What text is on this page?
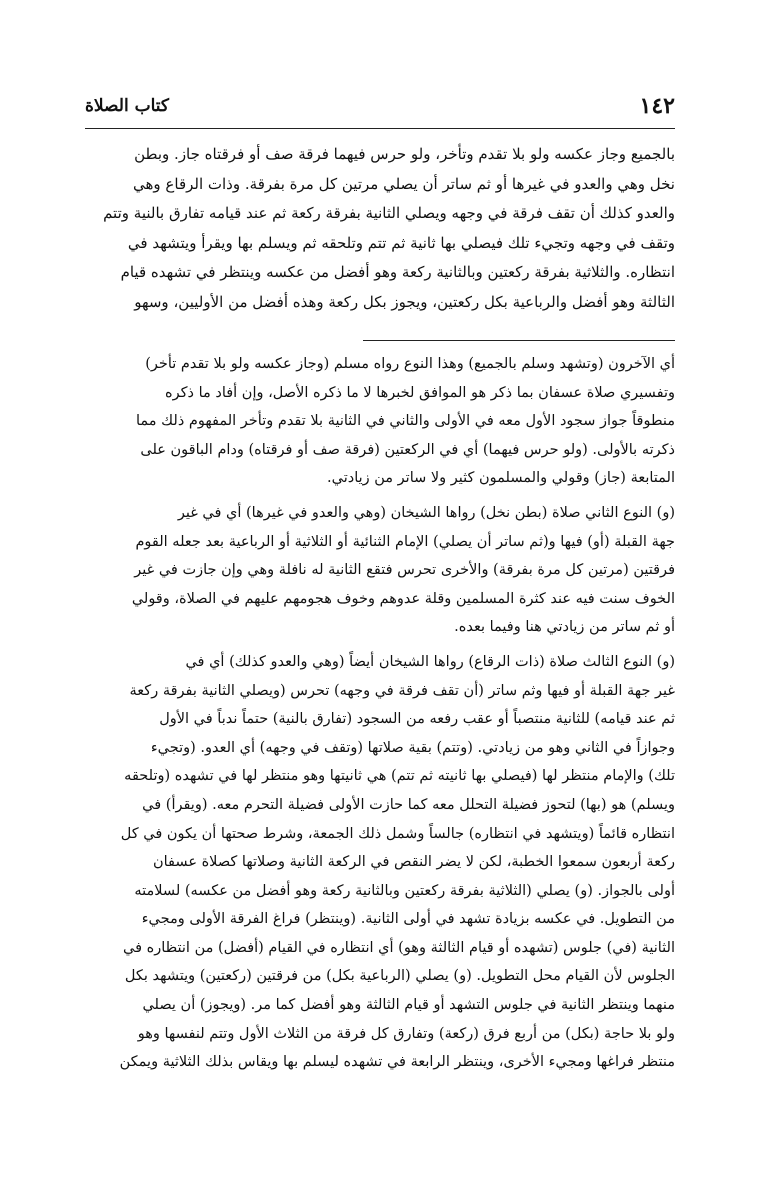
كتاب الصلاة	١٤٢

بالجميع وجاز عكسه ولو بلا تقدم وتأخر، ولو حرس فيهما فرقة صف أو فرقتاه جاز. وبطن

نخل وهي والعدو في غيرها أو ثم ساتر أن يصلي مرتين كل مرة بفرقة. وذات الرقاع وهي

والعدو كذلك أن تقف فرقة في وجهه ويصلي الثانية بفرقة ركعة ثم عند قيامه تفارق بالنية وتتم

وتقف في وجهه وتجيء تلك فيصلي بها ثانية ثم تتم وتلحقه ثم ويسلم بها ويقرأ ويتشهد في

انتظاره. والثلاثية بفرقة ركعتين وبالثانية ركعة وهو أفضل من عكسه وينتظر في تشهده قيام

الثالثة وهو أفضل والرباعية بكل ركعتين، ويجوز بكل ركعة وهذه أفضل من الأوليين، وسهو

أي الآخرون (وتشهد وسلم بالجميع) وهذا النوع رواه مسلم (وجاز عكسه ولو بلا تقدم تأخر)
وتفسيري صلاة عسفان بما ذكر هو الموافق لخبرها لا ما ذكره الأصل، وإن أفاد ما ذكره
منطوقاً جواز سجود الأول معه في الأولى والثاني في الثانية بلا تقدم وتأخر المفهوم ذلك مما
ذكرته بالأولى. (ولو حرس فيهما) أي في الركعتين (فرقة صف أو فرقتاه) ودام الباقون على
المتابعة (جاز) وقولي والمسلمون كثير ولا ساتر من زيادتي.
(و) النوع الثاني صلاة (بطن نخل) رواها الشيخان (وهي والعدو في غيرها) أي في غير
جهة القبلة (أو) فيها و(ثم ساتر أن يصلي) الإمام الثنائية أو الثلاثية أو الرباعية بعد جعله القوم
فرقتين (مرتين كل مرة بفرقة) والأخرى تحرس فتقع الثانية له نافلة وهي وإن جازت في غير
الخوف سنت فيه عند كثرة المسلمين وقلة عدوهم وخوف هجومهم عليهم في الصلاة، وقولي
أو ثم ساتر من زيادتي هنا وفيما بعده.
(و) النوع الثالث صلاة (ذات الرقاع) رواها الشيخان أيضاً (وهي والعدو كذلك) أي في
غير جهة القبلة أو فيها وثم ساتر (أن تقف فرقة في وجهه) تحرس (ويصلي الثانية بفرقة ركعة
ثم عند قيامه) للثانية منتصباً أو عقب رفعه من السجود (تفارق بالنية) حتماً ندباً في الأول
وجوازاً في الثاني وهو من زيادتي. (وتتم) بقية صلاتها (وتقف في وجهه) أي العدو. (وتجيء
تلك) والإمام منتظر لها (فيصلي بها ثانيته ثم تتم) هي ثانيتها وهو منتظر لها في تشهده (وتلحقه
ويسلم) هو (بها) لتحوز فضيلة التحلل معه كما حازت الأولى فضيلة التحرم معه. (ويقرأ) في
انتظاره قائماً (ويتشهد في انتظاره) جالساً وشمل ذلك الجمعة، وشرط صحتها أن يكون في كل
ركعة أربعون سمعوا الخطبة، لكن لا يضر النقص في الركعة الثانية وصلاتها كصلاة عسفان
أولى بالجواز. (و) يصلي (الثلاثية بفرقة ركعتين وبالثانية ركعة وهو أفضل من عكسه) لسلامته
من التطويل. في عكسه بزيادة تشهد في أولى الثانية. (وينتظر) فراغ الفرقة الأولى ومجيء
الثانية (في) جلوس (تشهده أو قيام الثالثة وهو) أي انتظاره في القيام (أفضل) من انتظاره في
الجلوس لأن القيام محل التطويل. (و) يصلي (الرباعية بكل) من فرقتين (ركعتين) ويتشهد بكل
منهما وينتظر الثانية في جلوس التشهد أو قيام الثالثة وهو أفضل كما مر. (ويجوز) أن يصلي
ولو بلا حاجة (بكل) من أربع فرق (ركعة) وتفارق كل فرقة من الثلاث الأول وتتم لنفسها وهو
منتظر فراغها ومجيء الأخرى، وينتظر الرابعة في تشهده ليسلم بها ويقاس بذلك الثلاثية ويمكن
